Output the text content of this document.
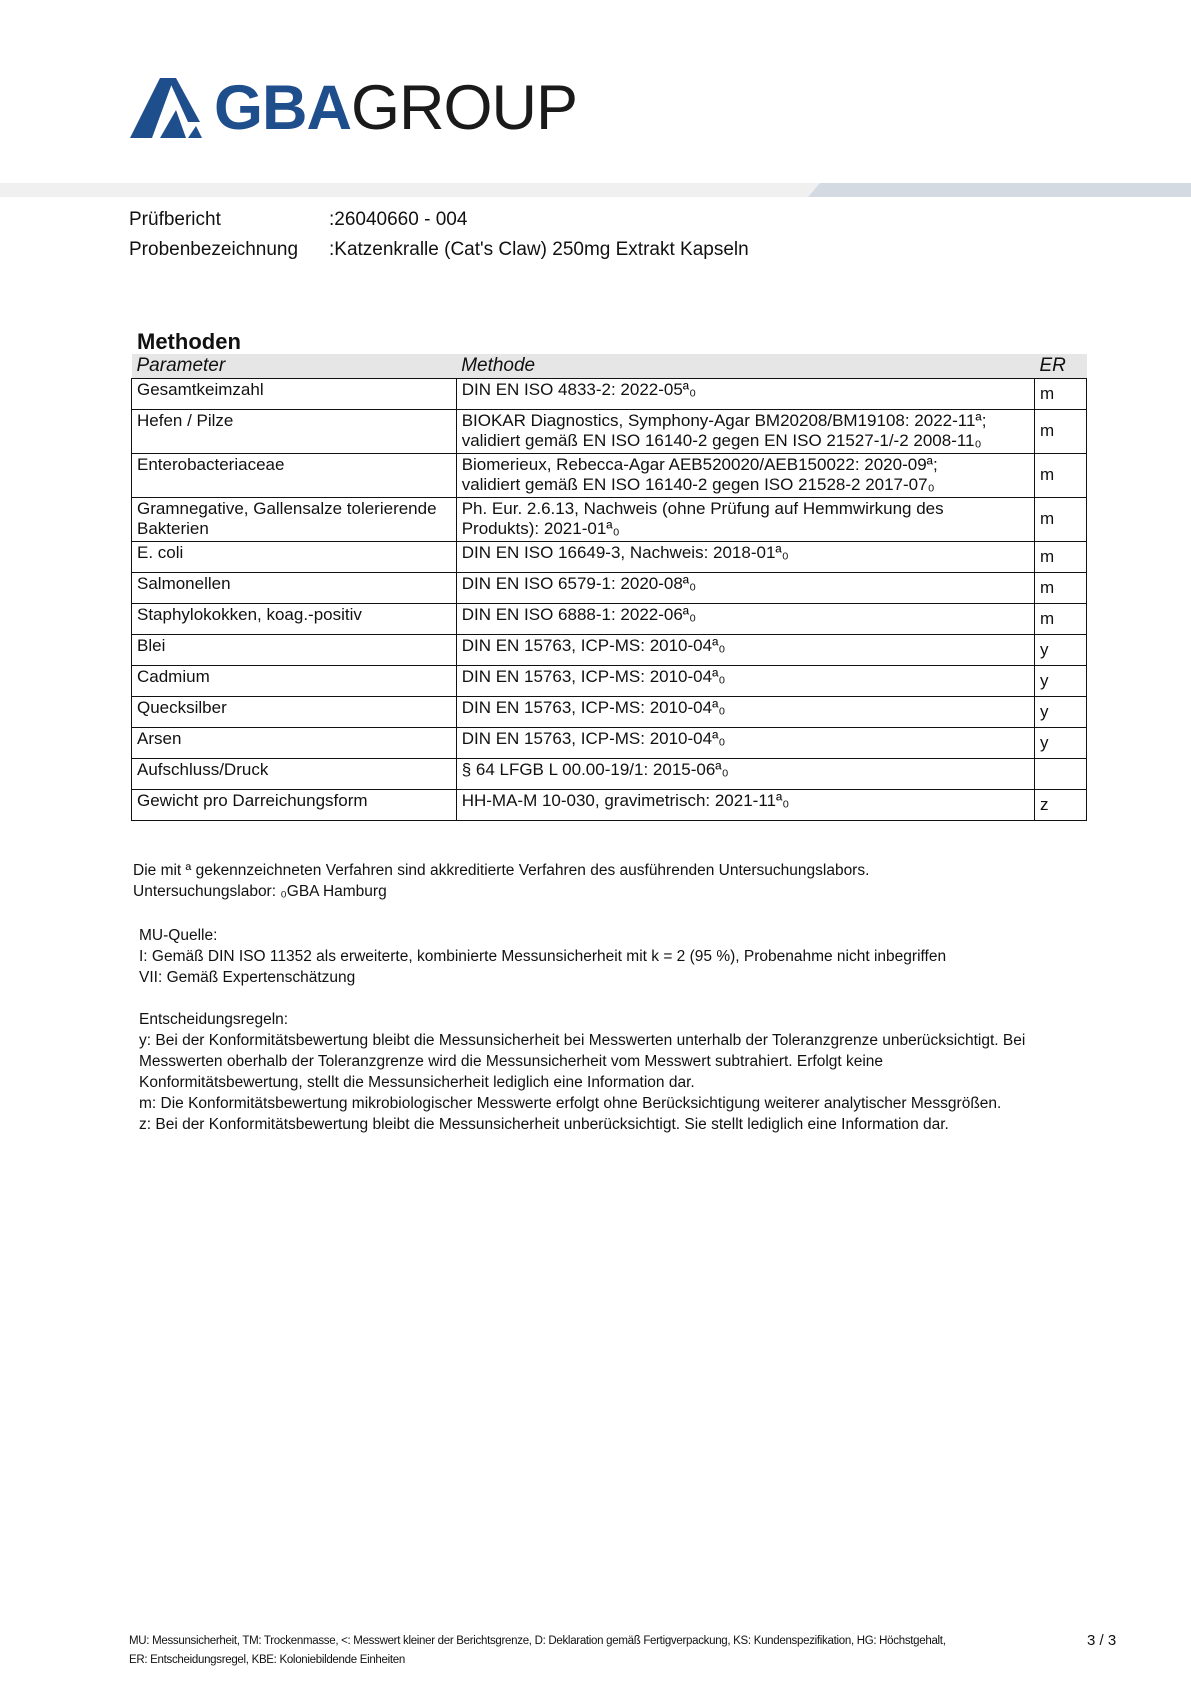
GBAGROUP
Prüfbericht	:26040660 - 004
Probenbezeichnung :Katzenkralle (Cat's Claw) 250mg Extrakt Kapseln
Methoden
Parameter	Methode	ER
Gesamtkeimzahl	DIN EN ISO 4833-2: 2022-05ª₀	m
Hefen / Pilze	BIOKAR Diagnostics, Symphony-Agar BM20208/BM19108: 2022-11ª;
validiert gemäß EN ISO 16140-2 gegen EN ISO 21527-1/-2 2008-11₀	m
Enterobacteriaceae	Biomerieux, Rebecca-Agar AEB520020/AEB150022: 2020-09ª;
validiert gemäß EN ISO 16140-2 gegen ISO 21528-2 2017-07₀	m
Gramnegative, Gallensalze tolerierende Bakterien	Ph. Eur. 2.6.13, Nachweis (ohne Prüfung auf Hemmwirkung des
Produkts): 2021-01ª₀	m
E. coli	DIN EN ISO 16649-3, Nachweis: 2018-01ª₀	m
Salmonellen	DIN EN ISO 6579-1: 2020-08ª₀	m
Staphylokokken, koag.-positiv	DIN EN ISO 6888-1: 2022-06ª₀	m
Blei	DIN EN 15763, ICP-MS: 2010-04ª₀	y
Cadmium	DIN EN 15763, ICP-MS: 2010-04ª₀	y
Quecksilber	DIN EN 15763, ICP-MS: 2010-04ª₀	y
Arsen	DIN EN 15763, ICP-MS: 2010-04ª₀	y
Aufschluss/Druck	§ 64 LFGB L 00.00-19/1: 2015-06ª₀	

Gewicht pro Darreichungsform	HH-MA-M 10-030, gravimetrisch: 2021-11ª₀	z
Die mit ª gekennzeichneten Verfahren sind akkreditierte Verfahren des ausführenden Untersuchungslabors.
Untersuchungslabor: ₀GBA Hamburg
MU-Quelle:
I: Gemäß DIN ISO 11352 als erweiterte, kombinierte Messunsicherheit mit k = 2 (95 %), Probenahme nicht inbegriffen
VII: Gemäß Expertenschätzung
Entscheidungsregeln:
y: Bei der Konformitätsbewertung bleibt die Messunsicherheit bei Messwerten unterhalb der Toleranzgrenze unberücksichtigt. Bei
Messwerten oberhalb der Toleranzgrenze wird die Messunsicherheit vom Messwert subtrahiert. Erfolgt keine
Konformitätsbewertung, stellt die Messunsicherheit lediglich eine Information dar.
m: Die Konformitätsbewertung mikrobiologischer Messwerte erfolgt ohne Berücksichtigung weiterer analytischer Messgrößen.
z: Bei der Konformitätsbewertung bleibt die Messunsicherheit unberücksichtigt. Sie stellt lediglich eine Information dar.
MU: Messunsicherheit, TM: Trockenmasse, <: Messwert kleiner der Berichtsgrenze, D: Deklaration gemäß Fertigverpackung, KS: Kundenspezifikation, HG: Höchstgehalt,
ER: Entscheidungsregel, KBE: Koloniebildende Einheiten
3 / 3
